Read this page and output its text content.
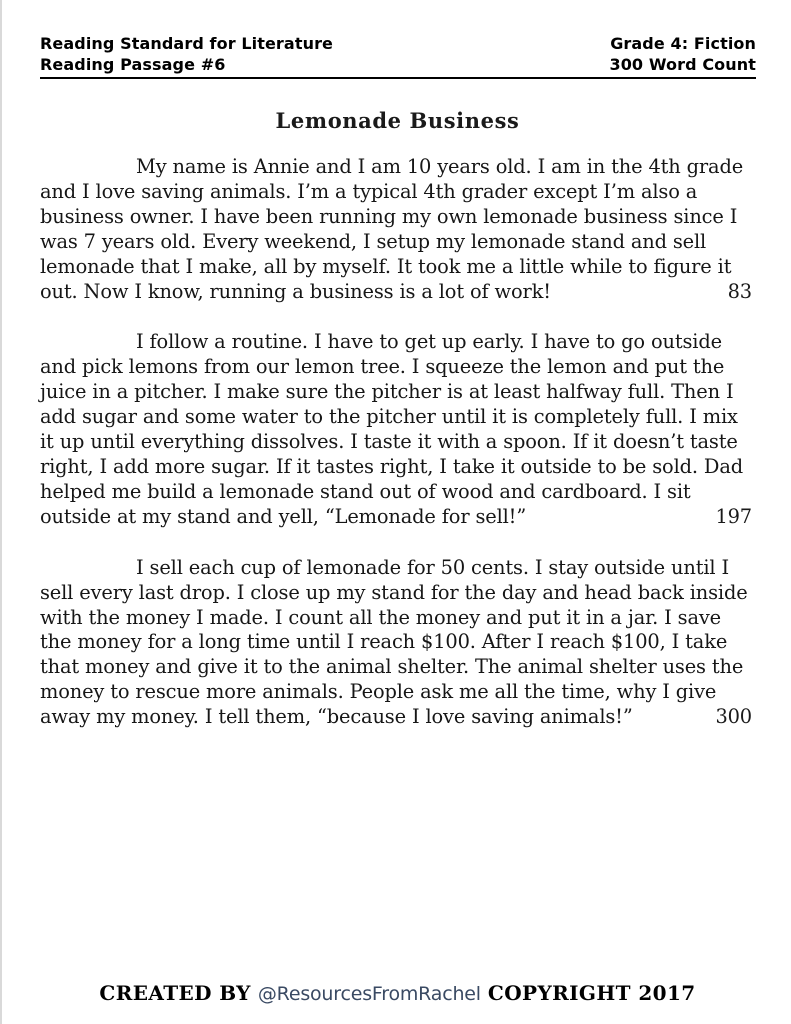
Reading Standard for Literature	Grade 4: Fiction
Reading Passage #6	300 Word Count
Lemonade Business

My name is Annie and I am 10 years old. I am in the 4th grade and I love saving animals. I’m a typical 4th grader except I’m also a business owner. I have been running my own lemonade business since I was 7 years old. Every weekend, I setup my lemonade stand and sell lemonade that I make, all by myself. It took me a little while to figure it out. Now I know, running a business is a lot of work!	83

I follow a routine. I have to get up early. I have to go outside and pick lemons from our lemon tree. I squeeze the lemon and put the juice in a pitcher. I make sure the pitcher is at least halfway full. Then I add sugar and some water to the pitcher until it is completely full. I mix it up until everything dissolves. I taste it with a spoon. If it doesn’t taste right, I add more sugar. If it tastes right, I take it outside to be sold. Dad helped me build a lemonade stand out of wood and cardboard. I sit outside at my stand and yell, “Lemonade for sell!”	197

I sell each cup of lemonade for 50 cents. I stay outside until I sell every last drop. I close up my stand for the day and head back inside with the money I made. I count all the money and put it in a jar. I save the money for a long time until I reach $100. After I reach $100, I take that money and give it to the animal shelter. The animal shelter uses the money to rescue more animals. People ask me all the time, why I give away my money. I tell them, “because I love saving animals!”	300

CREATED BY @ResourcesFromRachel COPYRIGHT 2017
